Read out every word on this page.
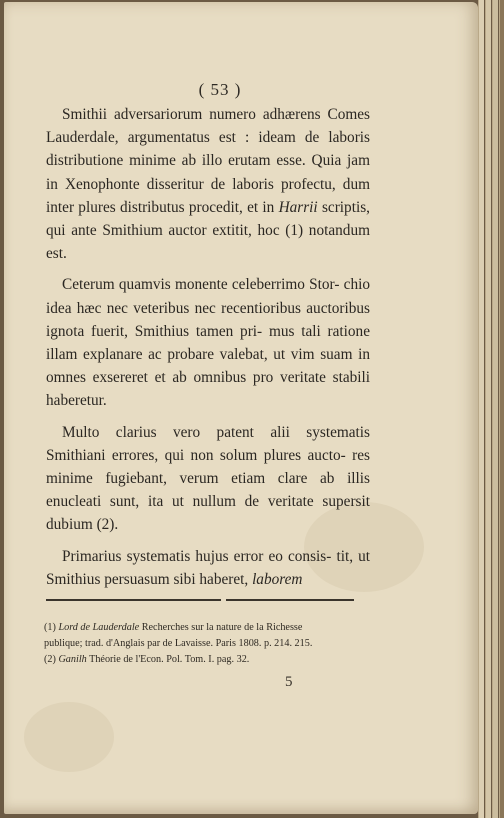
( 53 )

Smithii adversariorum numero adhærens Comes Lauderdale, argumentatus est : ideam de laboris distributione minime ab illo erutam esse. Quia jam in Xenophonte disseritur de laboris profectu, dum inter plures distributus procedit, et in Harrii scriptis, qui ante Smithium auctor extitit, hoc (1) notandum est.

Ceterum quamvis monente celeberrimo Stor- chio idea hæc nec veteribus nec recentioribus auctoribus ignota fuerit, Smithius tamen pri- mus tali ratione illam explanare ac probare valebat, ut vim suam in omnes exsereret et ab omnibus pro veritate stabili haberetur.

Multo clarius vero patent alii systematis Smithiani errores, qui non solum plures aucto- res minime fugiebant, verum etiam clare ab illis enucleati sunt, ita ut nullum de veritate supersit dubium (2).

Primarius systematis hujus error eo consis- tit, ut Smithius persuasum sibi haberet, laborem

(1) Lord de Lauderdale Recherches sur la nature de la Richesse
publique; trad. d'Anglais par de Lavaisse. Paris 1808. p. 214. 215.
(2) Ganilh Théorie de l'Econ. Pol. Tom. I. pag. 32.
5
